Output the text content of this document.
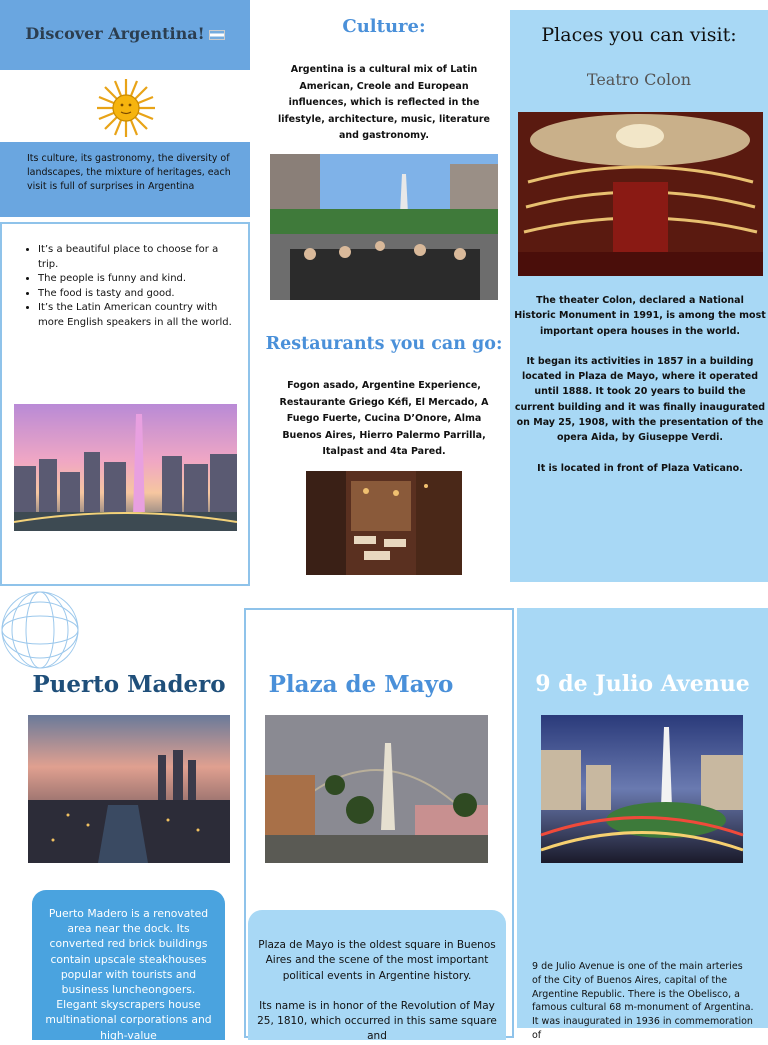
Discover Argentina!

Its culture, its gastronomy, the diversity of landscapes, the mixture of heritages, each visit is full of surprises in Argentina

• It’s a beautiful place to choose for a trip.
• The people is funny and kind.
• The food is tasty and good.
• It’s the Latin American country with more English speakers in all the world.
Culture:

Argentina is a cultural mix of Latin American, Creole and European influences, which is reflected in the lifestyle, architecture, music, literature and gastronomy.

Restaurants you can go:

Fogon asado, Argentine Experience, Restaurante Griego Kéfi, El Mercado, A Fuego Fuerte, Cucina D’Onore, Alma Buenos Aires, Hierro Palermo Parrilla, Italpast and 4ta Pared.

Places you can visit:
Teatro Colon

The theater Colon, declared a National Historic Monument in 1991, is among the most important opera houses in the world.

It began its activities in 1857 in a building located in Plaza de Mayo, where it operated until 1888. It took 20 years to build the current building and it was finally inaugurated on May 25, 1908, with the presentation of the opera Aida, by Giuseppe Verdi.

It is located in front of Plaza Vaticano.

Puerto Madero

Puerto Madero is a renovated area near the dock. Its converted red brick buildings contain upscale steakhouses popular with tourists and business luncheongoers. Elegant skyscrapers house multinational corporations and high-value

Plaza de Mayo

Plaza de Mayo is the oldest square in Buenos Aires and the scene of the most important political events in Argentine history.

Its name is in honor of the Revolution of May 25, 1810, which occurred in this same square and

9 de Julio Avenue

9 de Julio Avenue is one of the main arteries of the City of Buenos Aires, capital of the Argentine Republic. There is the Obelisco, a famous cultural 68 m-monument of Argentina. It was inaugurated in 1936 in commemoration of
